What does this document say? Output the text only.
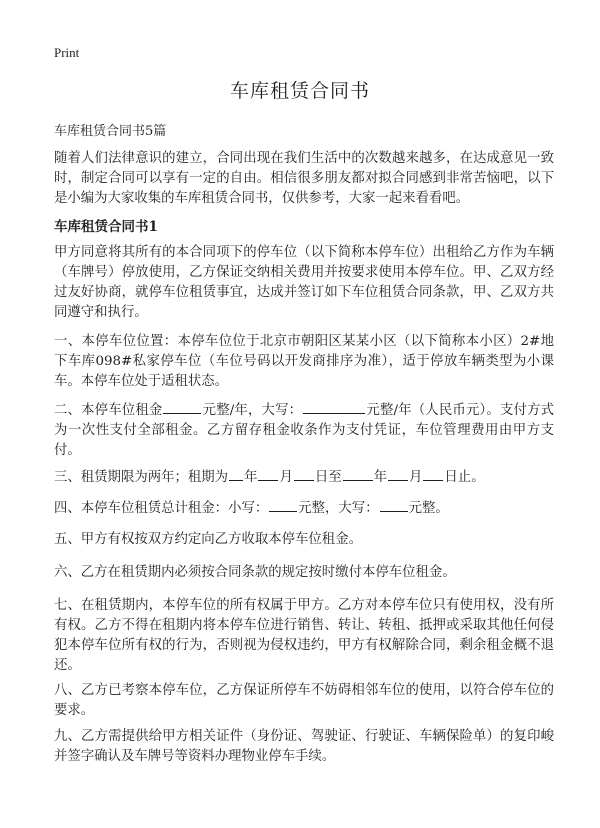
Print
车库租赁合同书

车库租赁合同书5篇

随着人们法律意识的建立，合同出现在我们生活中的次数越来越多，在达成意见一致时，制定合同可以享有一定的自由。相信很多朋友都对拟合同感到非常苦恼吧，以下是小编为大家收集的车库租赁合同书，仅供参考，大家一起来看看吧。

车库租赁合同书1

甲方同意将其所有的本合同项下的停车位（以下简称本停车位）出租给乙方作为车辆（车牌号）停放使用，乙方保证交纳相关费用并按要求使用本停车位。甲、乙双方经过友好协商，就停车位租赁事宜，达成并签订如下车位租赁合同条款，甲、乙双方共同遵守和执行。

一、本停车位位置：本停车位位于北京市朝阳区某某小区（以下简称本小区）2#地下车库098#私家停车位（车位号码以开发商排序为准），适于停放车辆类型为小课车。本停车位处于适租状态。

二、本停车位租金	元整/年，大写：	元整/年（人民币元）。支付方式为一次性支付全部租金。乙方留存租金收条作为支付凭证，车位管理费用由甲方支付。

三、租赁期限为两年；租期为 年 月 日至 年 月 日止。

四、本停车位租赁总计租金：小写： 元整，大写： 元整。

五、甲方有权按双方约定向乙方收取本停车位租金。

六、乙方在租赁期内必须按合同条款的规定按时缴付本停车位租金。

七、在租赁期内，本停车位的所有权属于甲方。乙方对本停车位只有使用权，没有所有权。乙方不得在租期内将本停车位进行销售、转让、转租、抵押或采取其他任何侵犯本停车位所有权的行为，否则视为侵权违约，甲方有权解除合同，剩余租金概不退还。

八、乙方已考察本停车位，乙方保证所停车不妨碍相邻车位的使用，以符合停车位的要求。

九、乙方需提供给甲方相关证件（身份证、驾驶证、行驶证、车辆保险单）的复印峻并签字确认及车牌号等资料办理物业停车手续。
